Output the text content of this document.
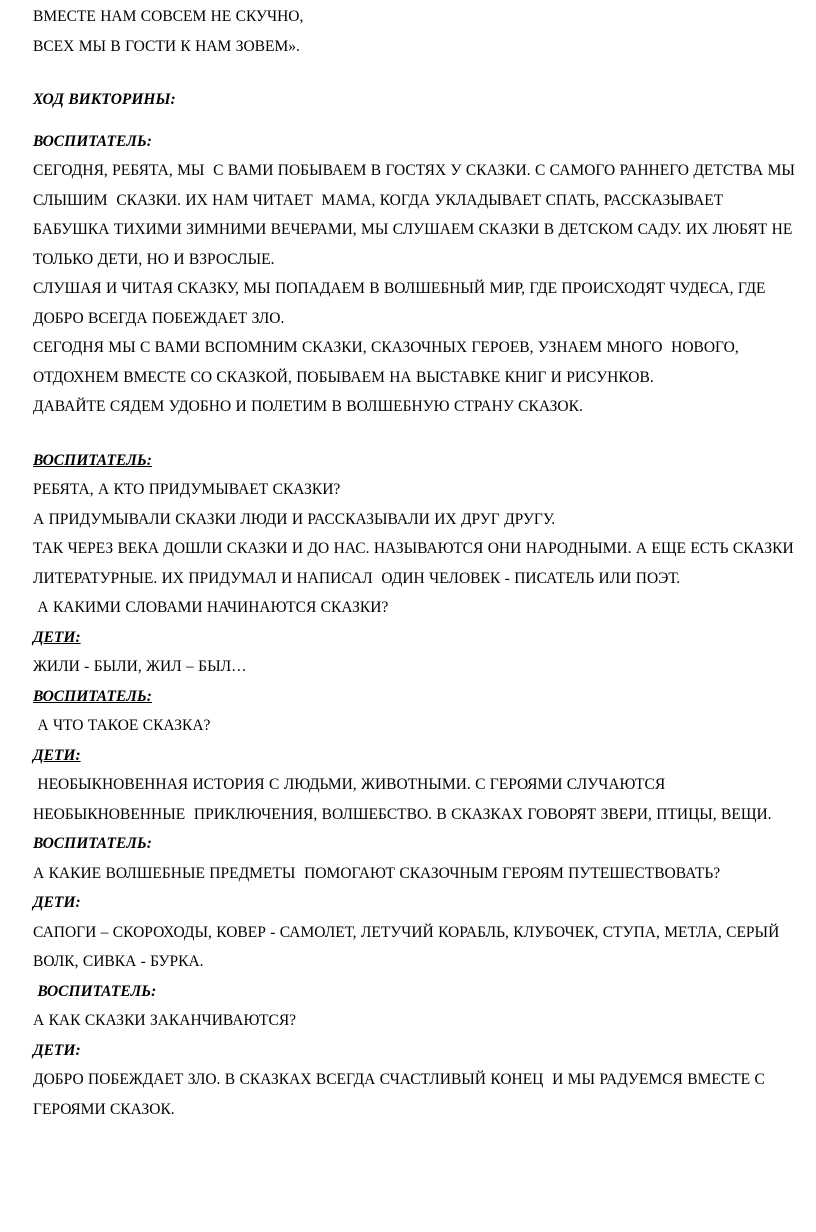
ВМЕСТЕ НАМ СОВСЕМ НЕ СКУЧНО,
ВСЕХ МЫ В ГОСТИ К НАМ ЗОВЕМ».
ХОД ВИКТОРИНЫ:
ВОСПИТАТЕЛЬ:
СЕГОДНЯ, РЕБЯТА, МЫ  С ВАМИ ПОБЫВАЕМ В ГОСТЯХ У СКАЗКИ. С САМОГО РАННЕГО ДЕТСТВА МЫ  СЛЫШИМ  СКАЗКИ. ИХ НАМ ЧИТАЕТ  МАМА, КОГДА УКЛАДЫВАЕТ СПАТЬ, РАССКАЗЫВАЕТ БАБУШКА ТИХИМИ ЗИМНИМИ ВЕЧЕРАМИ, МЫ СЛУШАЕМ СКАЗКИ В ДЕТСКОМ САДУ. ИХ ЛЮБЯТ НЕ ТОЛЬКО ДЕТИ, НО И ВЗРОСЛЫЕ.
СЛУШАЯ И ЧИТАЯ СКАЗКУ, МЫ ПОПАДАЕМ В ВОЛШЕБНЫЙ МИР, ГДЕ ПРОИСХОДЯТ ЧУДЕСА, ГДЕ ДОБРО ВСЕГДА ПОБЕЖДАЕТ ЗЛО.
СЕГОДНЯ МЫ С ВАМИ ВСПОМНИМ СКАЗКИ, СКАЗОЧНЫХ ГЕРОЕВ, УЗНАЕМ МНОГО  НОВОГО, ОТДОХНЕМ ВМЕСТЕ СО СКАЗКОЙ, ПОБЫВАЕМ НА ВЫСТАВКЕ КНИГ И РИСУНКОВ.
ДАВАЙТЕ СЯДЕМ УДОБНО И ПОЛЕТИМ В ВОЛШЕБНУЮ СТРАНУ СКАЗОК.
ВОСПИТАТЕЛЬ:
РЕБЯТА, А КТО ПРИДУМЫВАЕТ СКАЗКИ?
А ПРИДУМЫВАЛИ СКАЗКИ ЛЮДИ И РАССКАЗЫВАЛИ ИХ ДРУГ ДРУГУ.
ТАК ЧЕРЕЗ ВЕКА ДОШЛИ СКАЗКИ И ДО НАС. НАЗЫВАЮТСЯ ОНИ НАРОДНЫМИ. А ЕЩЕ ЕСТЬ СКАЗКИ ЛИТЕРАТУРНЫЕ. ИХ ПРИДУМАЛ И НАПИСАЛ  ОДИН ЧЕЛОВЕК - ПИСАТЕЛЬ ИЛИ ПОЭТ.
А КАКИМИ СЛОВАМИ НАЧИНАЮТСЯ СКАЗКИ?
ДЕТИ:
ЖИЛИ - БЫЛИ, ЖИЛ – БЫЛ…
ВОСПИТАТЕЛЬ:
А ЧТО ТАКОЕ СКАЗКА?
ДЕТИ:
НЕОБЫКНОВЕННАЯ ИСТОРИЯ С ЛЮДЬМИ, ЖИВОТНЫМИ. С ГЕРОЯМИ СЛУЧАЮТСЯ НЕОБЫКНОВЕННЫЕ  ПРИКЛЮЧЕНИЯ, ВОЛШЕБСТВО. В СКАЗКАХ ГОВОРЯТ ЗВЕРИ, ПТИЦЫ, ВЕЩИ.
ВОСПИТАТЕЛЬ:
А КАКИЕ ВОЛШЕБНЫЕ ПРЕДМЕТЫ  ПОМОГАЮТ СКАЗОЧНЫМ ГЕРОЯМ ПУТЕШЕСТВОВАТЬ?
ДЕТИ:
САПОГИ – СКОРОХОДЫ, КОВЕР - САМОЛЕТ, ЛЕТУЧИЙ КОРАБЛЬ, КЛУБОЧЕК, СТУПА, МЕТЛА, СЕРЫЙ ВОЛК, СИВКА - БУРКА.
ВОСПИТАТЕЛЬ:
А КАК СКАЗКИ ЗАКАНЧИВАЮТСЯ?
ДЕТИ:
ДОБРО ПОБЕЖДАЕТ ЗЛО. В СКАЗКАХ ВСЕГДА СЧАСТЛИВЫЙ КОНЕЦ  И МЫ РАДУЕМСЯ ВМЕСТЕ С ГЕРОЯМИ СКАЗОК.
